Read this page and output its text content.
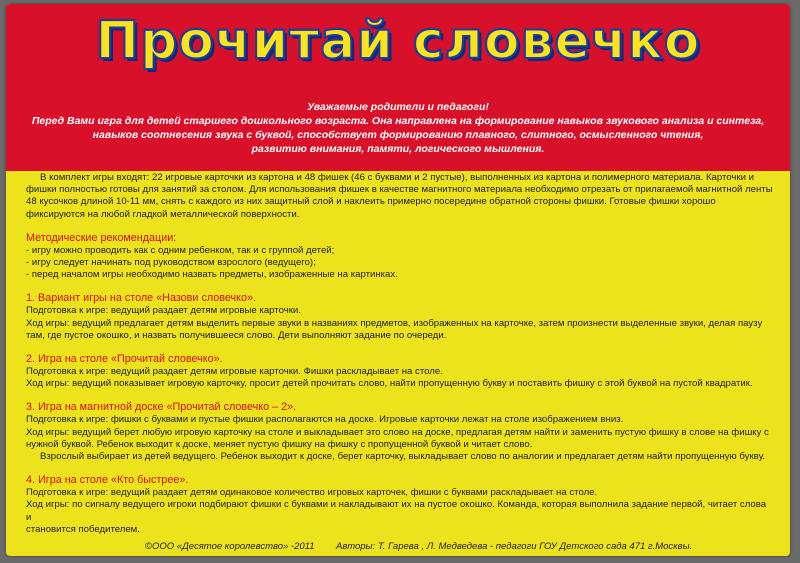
Прочитай словечко
Уважаемые родители и педагоги!
Перед Вами игра для детей старшего дошкольного возраста. Она направлена на формирование навыков звукового анализа и синтеза,
навыков соотнесения звука с буквой, способствует формированию плавного, слитного, осмысленного чтения,
развитию внимания, памяти, логического мышления.
В комплект игры входят: 22 игровые карточки из картона и 48 фишек (46 с буквами и 2 пустые), выполненных из картона и полимерного материала. Карточки и фишки полностью готовы для занятий за столом. Для использования фишек в качестве магнитного материала необходимо отрезать от прилагаемой магнитной ленты 48 кусочков длиной 10-11 мм, снять с каждого из них защитный слой и наклеить примерно посередине обратной стороны фишки. Готовые фишки хорошо фиксируются на любой гладкой металлической поверхности.
Методические рекомендации:
- игру можно проводить как с одним ребенком, так и с группой детей;
- игру следует начинать под руководством взрослого (ведущего);
- перед началом игры необходимо назвать предметы, изображенные на картинках.
1. Вариант игры на столе «Назови словечко».
Подготовка к игре: ведущий раздает детям игровые карточки.
Ход игры: ведущий предлагает детям выделить первые звуки в названиях предметов, изображенных на карточке, затем произнести выделенные звуки, делая паузу
там, где пустое окошко, и назвать получившееся слово. Дети выполняют задание по очереди.
2. Игра на столе «Прочитай словечко».
Подготовка к игре: ведущий раздает детям игровые карточки. Фишки раскладывает на столе.
Ход игры: ведущий показывает игровую карточку, просит детей прочитать слово, найти пропущенную букву и поставить фишку с этой буквой на пустой квадратик.
3. Игра на магнитной доске «Прочитай словечко – 2».
Подготовка к игре: фишки с буквами и пустые фишки располагаются на доске. Игровые карточки лежат на столе изображением вниз.
Ход игры: ведущий берет любую игровую карточку на столе и выкладывает это слово на доске, предлагая детям найти и заменить пустую фишку в слове на фишку с
нужной буквой. Ребенок выходит к доске, меняет пустую фишку на фишку с пропущенной буквой и читает слово.
Взрослый выбирает из детей ведущего. Ребенок выходит к доске, берет карточку, выкладывает слово по аналогии и предлагает детям найти пропущенную букву.
4. Игра на столе «Кто быстрее».
Подготовка к игре: ведущий раздает детям одинаковое количество игровых карточек, фишки с буквами раскладывает на столе.
Ход игры: по сигналу ведущего игроки подбирают фишки с буквами и накладывают их на пустое окошко. Команда, которая выполнила задание первой, читает слова и
становится победителем.
©ООО «Десятое королевство» -2011 Авторы: Т. Гарева , Л. Медведева - педагоги ГОУ Детского сада 471 г.Москвы.
